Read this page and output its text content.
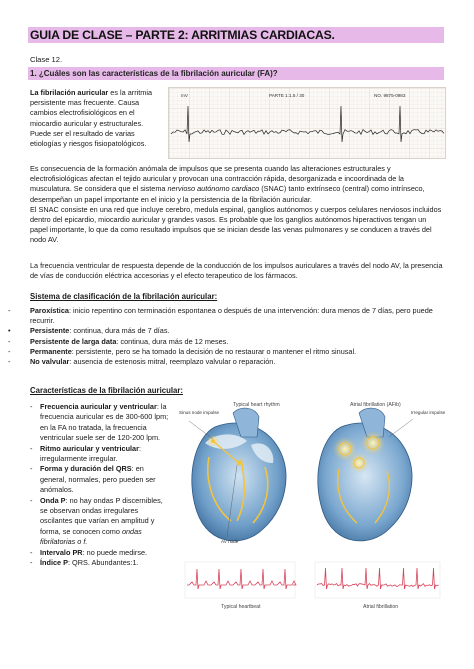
GUIA DE CLASE – PARTE 2: ARRITMIAS CARDIACAS.
Clase 12.
1. ¿Cuáles son las características de la fibrilación auricular (FA)?
La fibrilación auricular es la arritmia persistente mas frecuente. Causa cambios electrofisiológicos en el miocardio auricular y estructurales. Puede ser el resultado de varias etiologías y riesgos fisiopatológicos.
mV	PARTE 1:1.5 / 30	NO. 9875-0983
Es consecuencia de la formación anómala de impulsos que se presenta cuando las alteraciones estructurales y electrofisiológicas afectan el tejido auricular y provocan una contracción rápida, desorganizada e incoordinada de la musculatura. Se considera que el sistema nervioso autónomo cardiaco (SNAC) tanto extrínseco (central) como intrínseco, desempeñan un papel importante en el inicio y la persistencia de la fibrilación auricular.
El SNAC consiste en una red que incluye cerebro, medula espinal, ganglios autónomos y cuerpos celulares nerviosos incluidos dentro del epicardio, miocardio auricular y grandes vasos. Es probable que los ganglios autónomos hiperactivos tengan un papel importante, lo que da como resultado impulsos que se inician desde las venas pulmonares y se conducen a través del nodo AV.
La frecuencia ventricular de respuesta depende de la conducción de los impulsos auriculares a través del nodo AV, la presencia de vías de conducción eléctrica accesorias y el efecto terapeutico de los fármacos.
Sistema de clasificación de la fibrilación auricular:
-	Paroxística: inicio repentino con terminación espontanea o después de una intervención: dura menos de 7 días, pero puede recurrir.
•	Persistente: continua, dura más de 7 días.
-	Persistente de larga data: continua, dura más de 12 meses.
-	Permanente: persistente, pero se ha tomado la decisión de no restaurar o mantener el ritmo sinusal.
-	No valvular: ausencia de estenosis mitral, reemplazo valvular o reparación.
Características de la fibrilación auricular:
- Frecuencia auricular y ventricular: la frecuencia auricular es de 300-600 lpm; en la FA no tratada, la frecuencia ventricular suele ser de 120-200 lpm.
- Ritmo auricular y ventricular: irregularmente irregular.
- Forma y duración del QRS: en general, normales, pero pueden ser anómalos.
- Onda P: no hay ondas P discernibles, se observan ondas irregulares oscilantes que varían en amplitud y forma, se conocen como ondas fibrilatorias o f.
- Intervalo PR: no puede medirse.
- Índice P: QRS. Abundantes:1.
Typical heart rhythm	Atrial fibrillation (AFib)
Sinus node impulse
AV node
Irregular impulse
Typical heartbeat	Atrial fibrillation
